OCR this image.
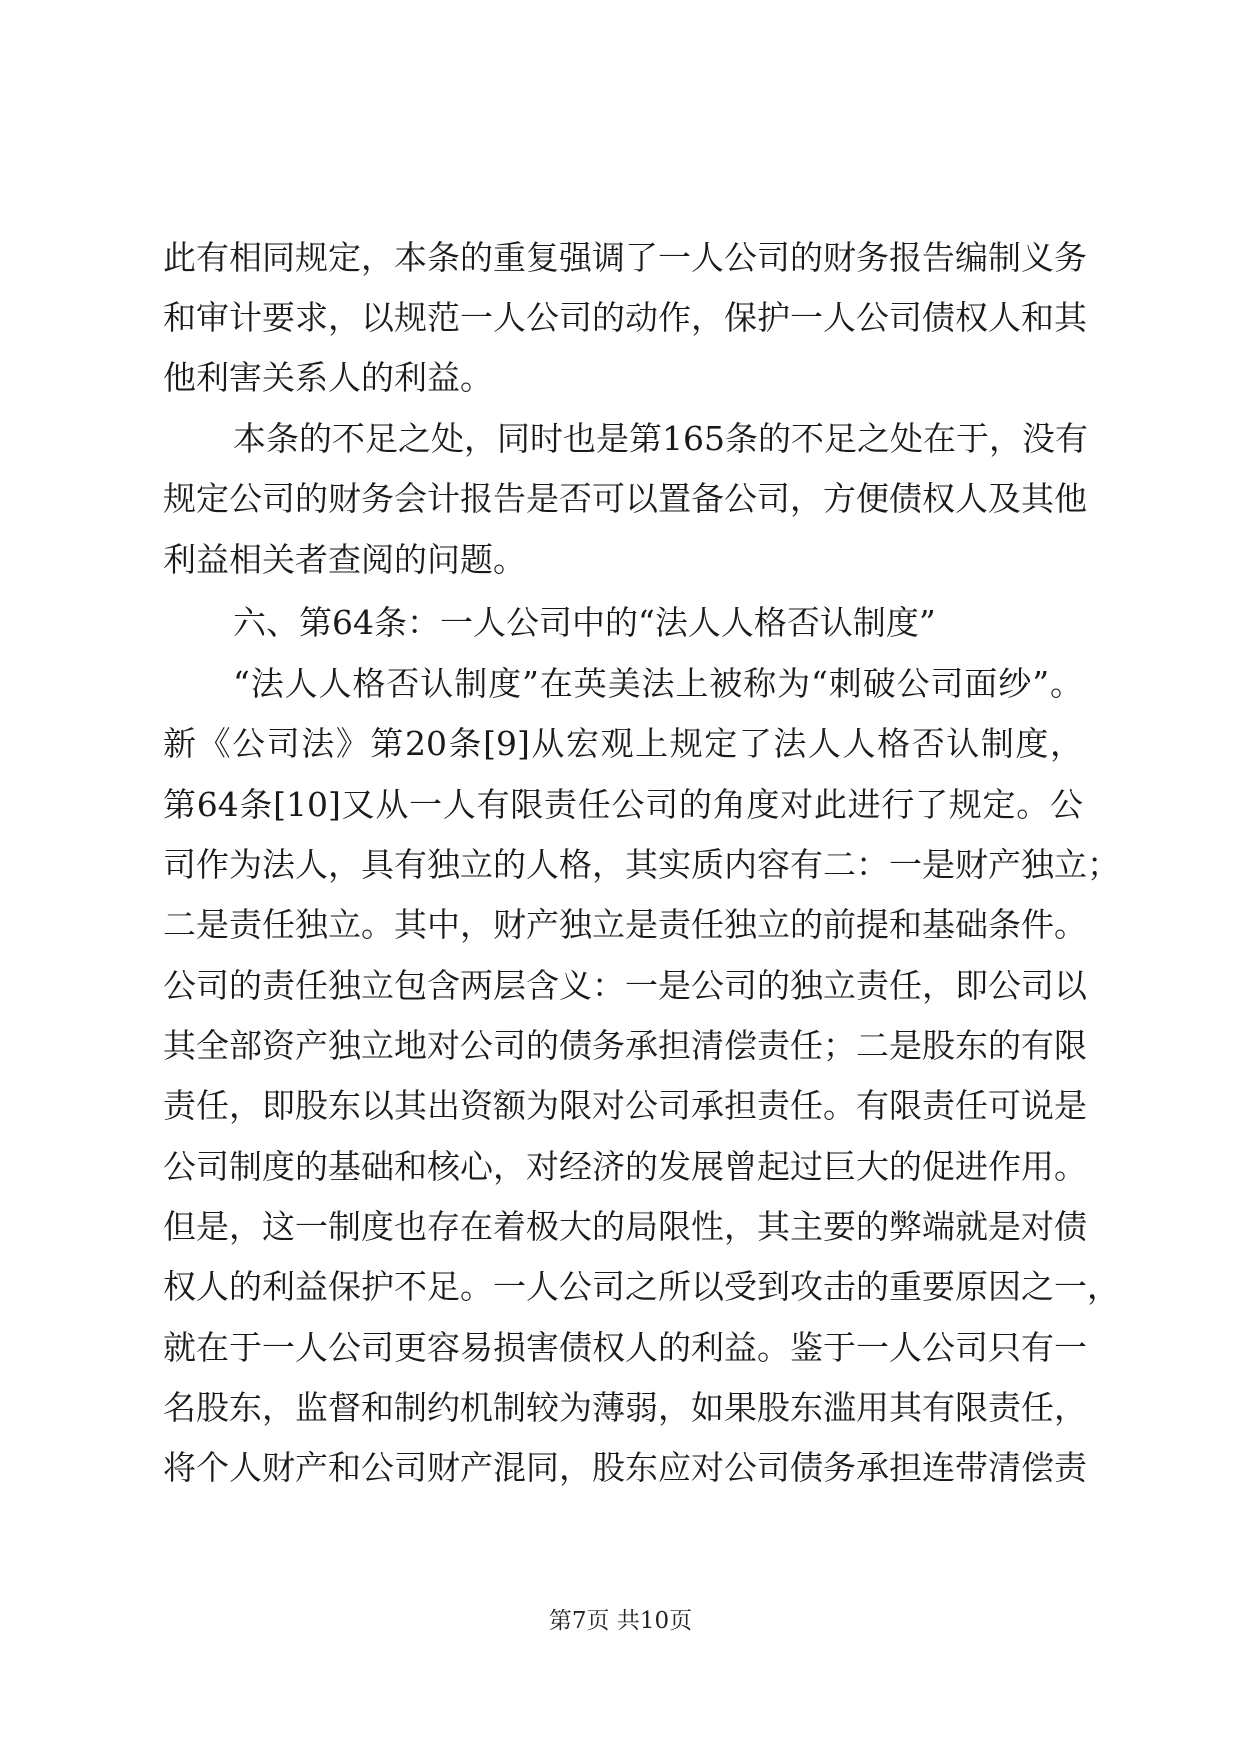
此有相同规定，本条的重复强调了一人公司的财务报告编制义务
和审计要求，以规范一人公司的动作，保护一人公司债权人和其
他利害关系人的利益。
本条的不足之处，同时也是第165条的不足之处在于，没有
规定公司的财务会计报告是否可以置备公司，方便债权人及其他
利益相关者查阅的问题。
六、第64条：一人公司中的“法人人格否认制度”
“法人人格否认制度”在英美法上被称为“刺破公司面纱”。
新《公司法》第20条[9]从宏观上规定了法人人格否认制度，
第64条[10]又从一人有限责任公司的角度对此进行了规定。公
司作为法人，具有独立的人格，其实质内容有二：一是财产独立；
二是责任独立。其中，财产独立是责任独立的前提和基础条件。
公司的责任独立包含两层含义：一是公司的独立责任，即公司以
其全部资产独立地对公司的债务承担清偿责任；二是股东的有限
责任，即股东以其出资额为限对公司承担责任。有限责任可说是
公司制度的基础和核心，对经济的发展曾起过巨大的促进作用。
但是，这一制度也存在着极大的局限性，其主要的弊端就是对债
权人的利益保护不足。一人公司之所以受到攻击的重要原因之一，
就在于一人公司更容易损害债权人的利益。鉴于一人公司只有一
名股东，监督和制约机制较为薄弱，如果股东滥用其有限责任，
将个人财产和公司财产混同，股东应对公司债务承担连带清偿责
第7页 共10页
